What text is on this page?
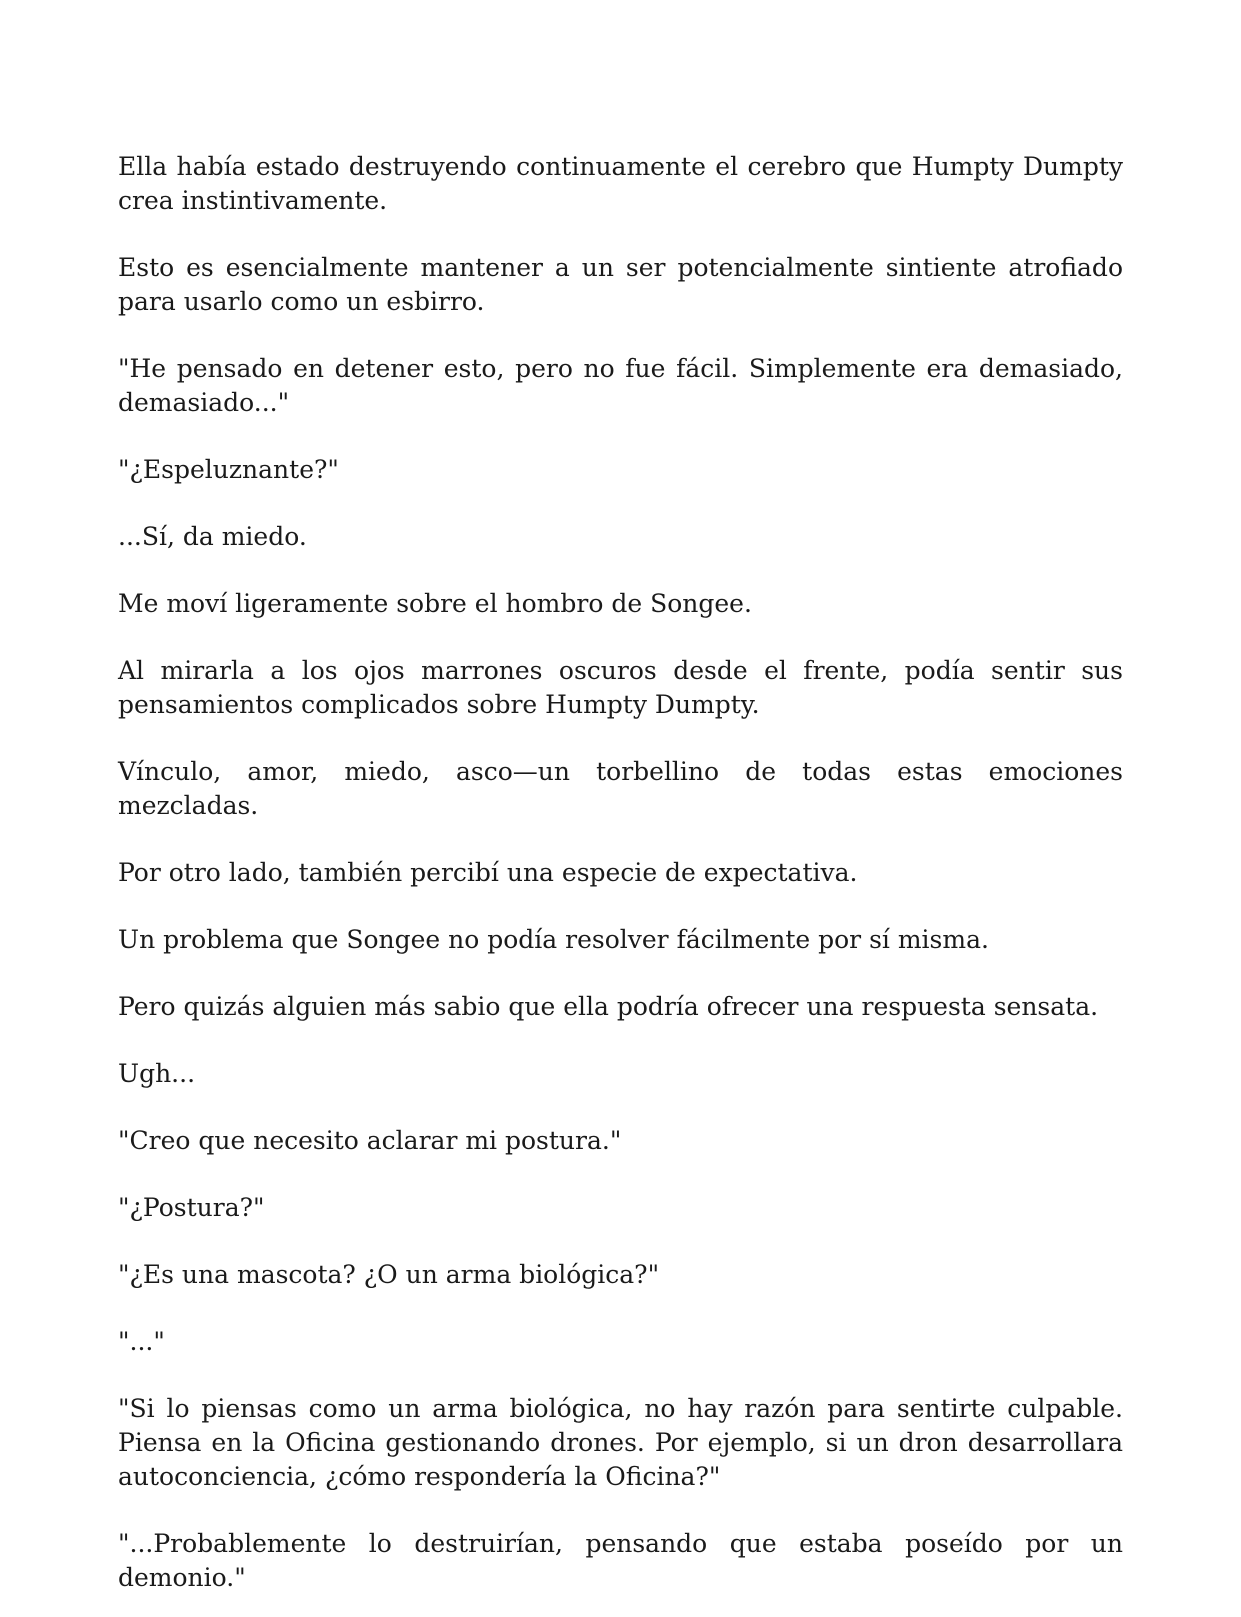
Ella había estado destruyendo continuamente el cerebro que Humpty Dumpty crea instintivamente.

Esto es esencialmente mantener a un ser potencialmente sintiente atrofiado para usarlo como un esbirro.

"He pensado en detener esto, pero no fue fácil. Simplemente era demasiado, demasiado..."

"¿Espeluznante?"

...Sí, da miedo.

Me moví ligeramente sobre el hombro de Songee.

Al mirarla a los ojos marrones oscuros desde el frente, podía sentir sus pensamientos complicados sobre Humpty Dumpty.

Vínculo, amor, miedo, asco—un torbellino de todas estas emociones mezcladas.

Por otro lado, también percibí una especie de expectativa.

Un problema que Songee no podía resolver fácilmente por sí misma.

Pero quizás alguien más sabio que ella podría ofrecer una respuesta sensata.

Ugh...

"Creo que necesito aclarar mi postura."

"¿Postura?"

"¿Es una mascota? ¿O un arma biológica?"

"..."

"Si lo piensas como un arma biológica, no hay razón para sentirte culpable. Piensa en la Oficina gestionando drones. Por ejemplo, si un dron desarrollara autoconciencia, ¿cómo respondería la Oficina?"

"...Probablemente lo destruirían, pensando que estaba poseído por un demonio."
